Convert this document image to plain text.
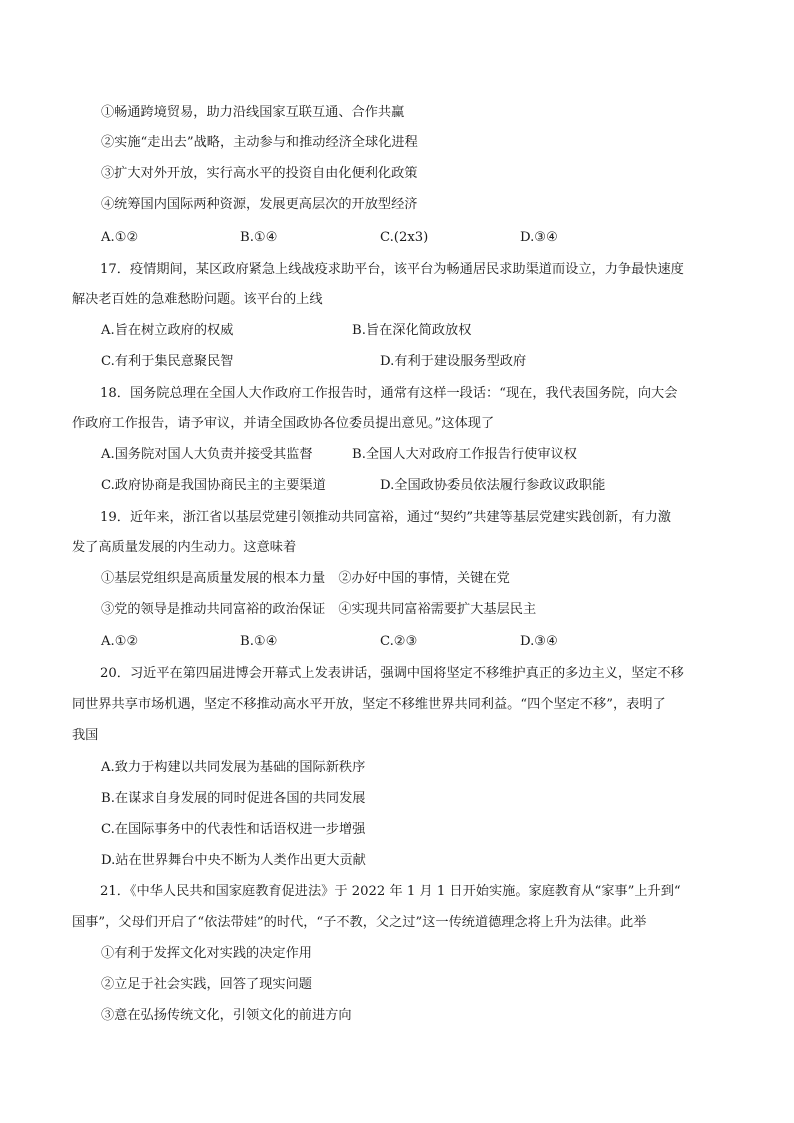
①畅通跨境贸易，助力沿线国家互联互通、合作共赢
②实施“走出去”战略，主动参与和推动经济全球化进程
③扩大对外开放，实行高水平的投资自由化便利化政策
④统筹国内国际两种资源，发展更高层次的开放型经济
A.①②	B.①④	C.(2x3)	D.③④
17．疫情期间，某区政府紧急上线战疫求助平台，该平台为畅通居民求助渠道而设立，力争最快速度
解决老百姓的急难愁盼问题。该平台的上线
A.旨在树立政府的权威	B.旨在深化简政放权
C.有利于集民意聚民智	D.有利于建设服务型政府
18．国务院总理在全国人大作政府工作报告时，通常有这样一段话：“现在，我代表国务院，向大会
作政府工作报告，请予审议，并请全国政协各位委员提出意见。”这体现了
A.国务院对国人大负责并接受其监督	B.全国人大对政府工作报告行使审议权
C.政府协商是我国协商民主的主要渠道	D.全国政协委员依法履行参政议政职能
19．近年来，浙江省以基层党建引领推动共同富裕，通过“契约”共建等基层党建实践创新，有力激
发了高质量发展的内生动力。这意味着
①基层党组织是高质量发展的根本力量　②办好中国的事情，关键在党
③党的领导是推动共同富裕的政治保证　④实现共同富裕需要扩大基层民主
A.①②	B.①④	C.②③	D.③④
20．习近平在第四届进博会开幕式上发表讲话，强调中国将坚定不移维护真正的多边主义，坚定不移
同世界共享市场机遇，坚定不移推动高水平开放，坚定不移维世界共同利益。“四个坚定不移”，表明了
我国
A.致力于构建以共同发展为基础的国际新秩序
B.在谋求自身发展的同时促进各国的共同发展
C.在国际事务中的代表性和话语权进一步增强
D.站在世界舞台中央不断为人类作出更大贡献
21．《中华人民共和国家庭教育促进法》于 2022 年 1 月 1 日开始实施。家庭教育从“家事”上升到“
国事”，父母们开启了“依法带娃”的时代，“子不教，父之过”这一传统道德理念将上升为法律。此举
①有利于发挥文化对实践的决定作用
②立足于社会实践，回答了现实问题
③意在弘扬传统文化，引领文化的前进方向
